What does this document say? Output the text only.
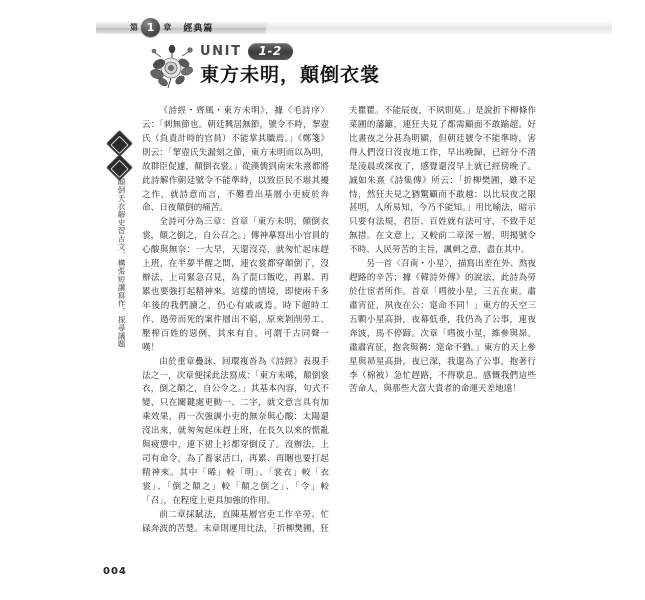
第 1	章 經典篇
UNIT	1-2
東方未明，顛倒衣裳
顛倒天衣解史習古文，構張短講寫作，探尋議題

《詩經・齊風・東方未明》，據〈毛詩序〉云：「刺無節也。朝廷興居無節，號令不時，挈壺氏（負責計時的官員）不能掌其職焉。」《鄭箋》則云：「挈壺氏失漏刻之節，東方未明而以為明，故群臣促遽，顛倒衣裳。」從漢儒到南宋朱熹都將此詩解作朝廷號令不能準時，以致臣民不堪其擾之作，就詩意而言，不難看出基層小吏疲於奔命、日夜顛倒的痛苦。

全詩可分為三章：首章「東方未明，顛倒衣裳，顛之倒之，自公召之。」傳神摹寫出小官員的心酸與無奈：一大早，天還沒亮，就匆忙起床趕上班，在半夢半醒之間，連衣裳都穿顛倒了，沒辦法，上司緊急召見，為了混口飯吃，再累、再累也要強打起精神來。這樣的情境，即使兩千多年後的我們讀之，仍心有戚戚焉。時下超時工作、過勞而死的案件層出不窮，原來剝削勞工、壓榨百姓的惡例，其來有自，可謂千古同聲一嘆！

由於重章疊詠、回環複沓為《詩經》表現手法之一，次章便採此法寫成：「東方未晞，顛倒裳衣，倒之顛之，自公令之。」其基本內容，句式不變，只在關鍵處更動一、二字，就文意言具有加乘效果，再一次強調小吏的無奈與心酸：太陽還沒出來，就匆匆起床趕上班，在長久以來的慌亂與疲憊中，連下裙上衫都穿倒反了。沒辦法，上司有命令，為了養家活口，再累、再睏也要打起精神來。其中「晞」較「明」、「裳衣」較「衣裳」、「倒之顛之」較「顛之倒之」、「令」較「召」，在程度上更具加強的作用。

前二章採賦法，直陳基層官吏工作辛勞、忙碌奔波的苦楚。末章則運用比法，「折柳樊圃，狂夫瞿瞿。不能辰夜，不夙則莫。」是說折下柳條作菜圃的藩籬，連狂夫見了都需顧面不敢踰超。好比晝夜之分甚為明顯，但朝廷號令不能準時，害得人們沒日沒夜地工作，早出晚歸，已經分不清是凌晨或深夜了，感覺還沒早上就已經傍晚了。誠如朱熹《詩集傳》所云：「折柳樊圃，雖不足恃，然狂夫見之猶驚顧而不敢越；以比辰夜之限甚明，人所易知，今乃不能知。」用比喻法，暗示只要有法規，君臣、百姓就有法可守，不致手足無措。在文意上，又較前二章深一層，明揭號令不時、人民勞苦的主旨，諷刺之意，盡在其中。

另一首〈召南・小星〉，描寫出差在外、熬夜趕路的辛苦；據《韓詩外傳》的說法，此詩為勞於仕宦者所作。首章「嘒彼小星，三五在東。肅肅宵征，夙夜在公：寔命不同！」東方的天空三五顆小星高掛，夜幕低垂，我仍為了公事，連夜奔波，馬不停蹄。次章「嘒彼小星，維參與昴。肅肅宵征，抱衾與裯：寔命不猶。」東方的天上參星與昴星高掛，夜已深，我還為了公事，抱著行李（棉被）急忙趕路，不得歇息。感慨我們這些苦命人，與那些大富大貴者的命運天差地遠！

004
